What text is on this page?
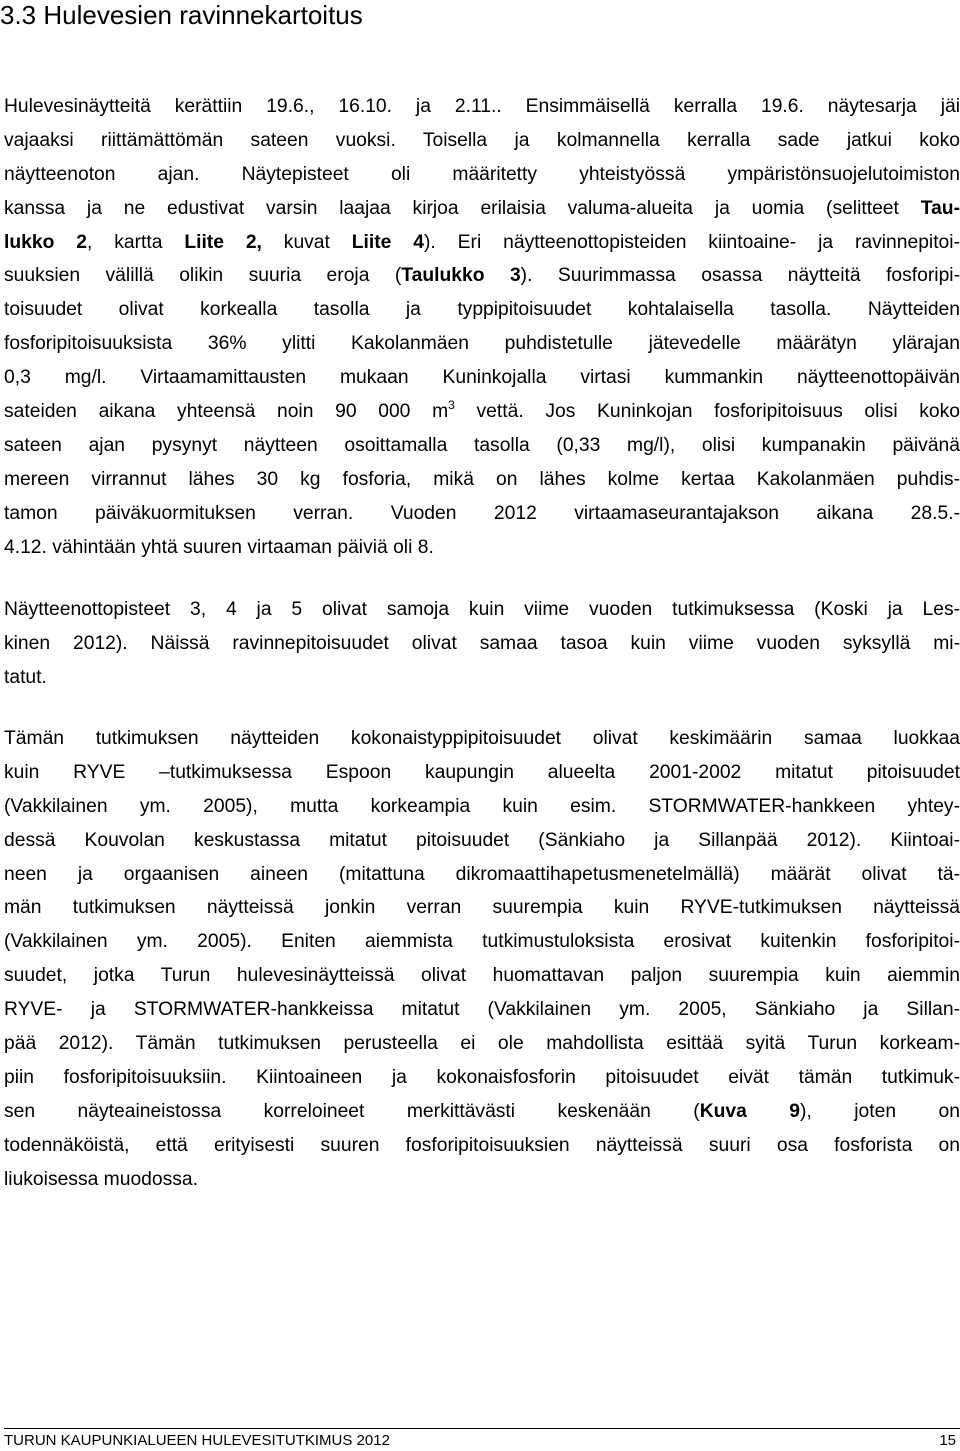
3.3 Hulevesien ravinnekartoitus
Hulevesinäytteitä kerättiin 19.6., 16.10. ja 2.11.. Ensimmäisellä kerralla 19.6. näytesarja jäi
vajaaksi riittämättömän sateen vuoksi. Toisella ja kolmannella kerralla sade jatkui koko
näytteenoton ajan. Näytepisteet oli määritetty yhteistyössä ympäristönsuojelutoimiston
kanssa ja ne edustivat varsin laajaa kirjoa erilaisia valuma-alueita ja uomia (selitteet Tau-
lukko 2, kartta Liite 2, kuvat Liite 4). Eri näytteenottopisteiden kiintoaine- ja ravinnepitoi-
suuksien välillä olikin suuria eroja (Taulukko 3). Suurimmassa osassa näytteitä fosforipi-
toisuudet olivat korkealla tasolla ja typpipitoisuudet kohtalaisella tasolla. Näytteiden
fosforipitoisuuksista 36% ylitti Kakolanmäen puhdistetulle jätevedelle määrätyn ylärajan
0,3 mg/l. Virtaamamittausten mukaan Kuninkojalla virtasi kummankin näytteenottopäivän
sateiden aikana yhteensä noin 90 000 $m^3$ vettä. Jos Kuninkojan fosforipitoisuus olisi koko
sateen ajan pysynyt näytteen osoittamalla tasolla (0,33 mg/l), olisi kumpanakin päivänä
mereen virrannut lähes 30 kg fosforia, mikä on lähes kolme kertaa Kakolanmäen puhdis-
tamon päiväkuormituksen verran. Vuoden 2012 virtaamaseurantajakson aikana 28.5.-
4.12. vähintään yhtä suuren virtaaman päiviä oli 8.
Näytteenottopisteet 3, 4 ja 5 olivat samoja kuin viime vuoden tutkimuksessa (Koski ja Les-
kinen 2012). Näissä ravinnepitoisuudet olivat samaa tasoa kuin viime vuoden syksyllä mi-
tatut.
Tämän tutkimuksen näytteiden kokonaistyppipitoisuudet olivat keskimäärin samaa luokkaa
kuin RYVE –tutkimuksessa Espoon kaupungin alueelta 2001-2002 mitatut pitoisuudet
(Vakkilainen ym. 2005), mutta korkeampia kuin esim. STORMWATER-hankkeen yhtey-
dessä Kouvolan keskustassa mitatut pitoisuudet (Sänkiaho ja Sillanpää 2012). Kiintoai-
neen ja orgaanisen aineen (mitattuna dikromaattihapetusmenetelmällä) määrät olivat tä-
män tutkimuksen näytteissä jonkin verran suurempia kuin RYVE-tutkimuksen näytteissä
(Vakkilainen ym. 2005). Eniten aiemmista tutkimustuloksista erosivat kuitenkin fosforipitoi-
suudet, jotka Turun hulevesinäytteissä olivat huomattavan paljon suurempia kuin aiemmin
RYVE- ja STORMWATER-hankkeissa mitatut (Vakkilainen ym. 2005, Sänkiaho ja Sillan-
pää 2012). Tämän tutkimuksen perusteella ei ole mahdollista esittää syitä Turun korkeam-
piin fosforipitoisuuksiin. Kiintoaineen ja kokonaisfosforin pitoisuudet eivät tämän tutkimuk-
sen näyteaineistossa korreloineet merkittävästi keskenään (Kuva 9), joten on
todennäköistä, että erityisesti suuren fosforipitoisuuksien näytteissä suuri osa fosforista on
liukoisessa muodossa.
TURUN KAUPUNKIALUEEN HULEVESITUTKIMUS 2012	15
